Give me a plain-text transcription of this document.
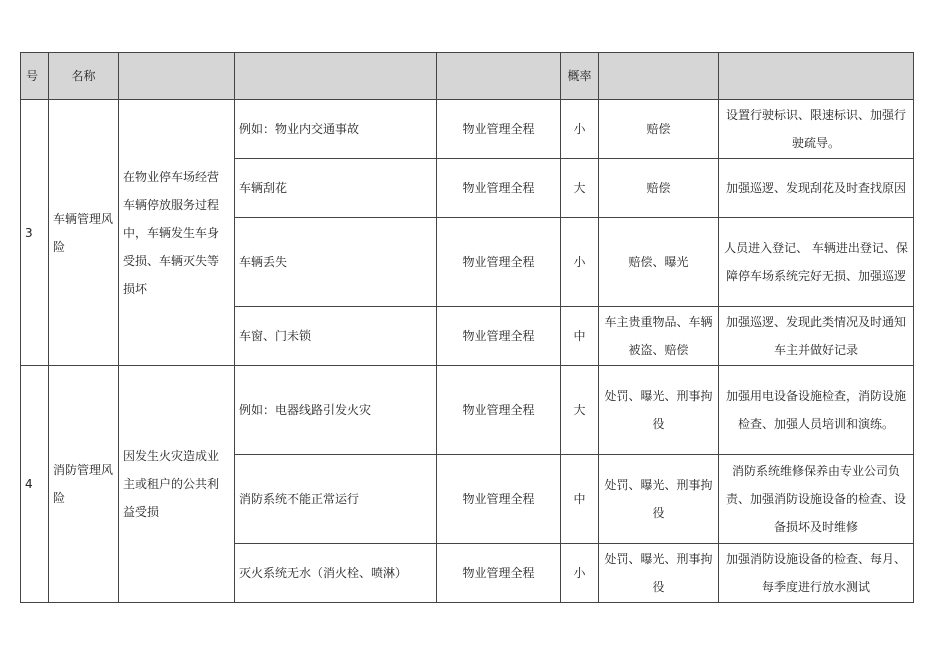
号	名称				概率		
3	车辆管理风险	在物业停车场经营车辆停放服务过程中，车辆发生车身受损、车辆灭失等损坏	例如：物业内交通事故	物业管理全程	小	赔偿	设置行驶标识、限速标识、加强行驶疏导。
			车辆刮花	物业管理全程	大	赔偿	加强巡逻、发现刮花及时查找原因
			车辆丢失	物业管理全程	小	赔偿、曝光	人员进入登记、 车辆进出登记、保障停车场系统完好无损、加强巡逻
			车窗、门未锁	物业管理全程	中	车主贵重物品、车辆被盗、赔偿	加强巡逻、发现此类情况及时通知车主并做好记录
4	消防管理风险	因发生火灾造成业主或租户的公共利益受损	例如：电器线路引发火灾	物业管理全程	大	处罚、曝光、刑事拘役	加强用电设备设施检查，消防设施检查、加强人员培训和演练。
			消防系统不能正常运行	物业管理全程	中	处罚、曝光、刑事拘役	消防系统维修保养由专业公司负责、加强消防设施设备的检查、设备损坏及时维修
			灭火系统无水（消火栓、喷淋）	物业管理全程	小	处罚、曝光、刑事拘役	加强消防设施设备的检查、每月、每季度进行放水测试
